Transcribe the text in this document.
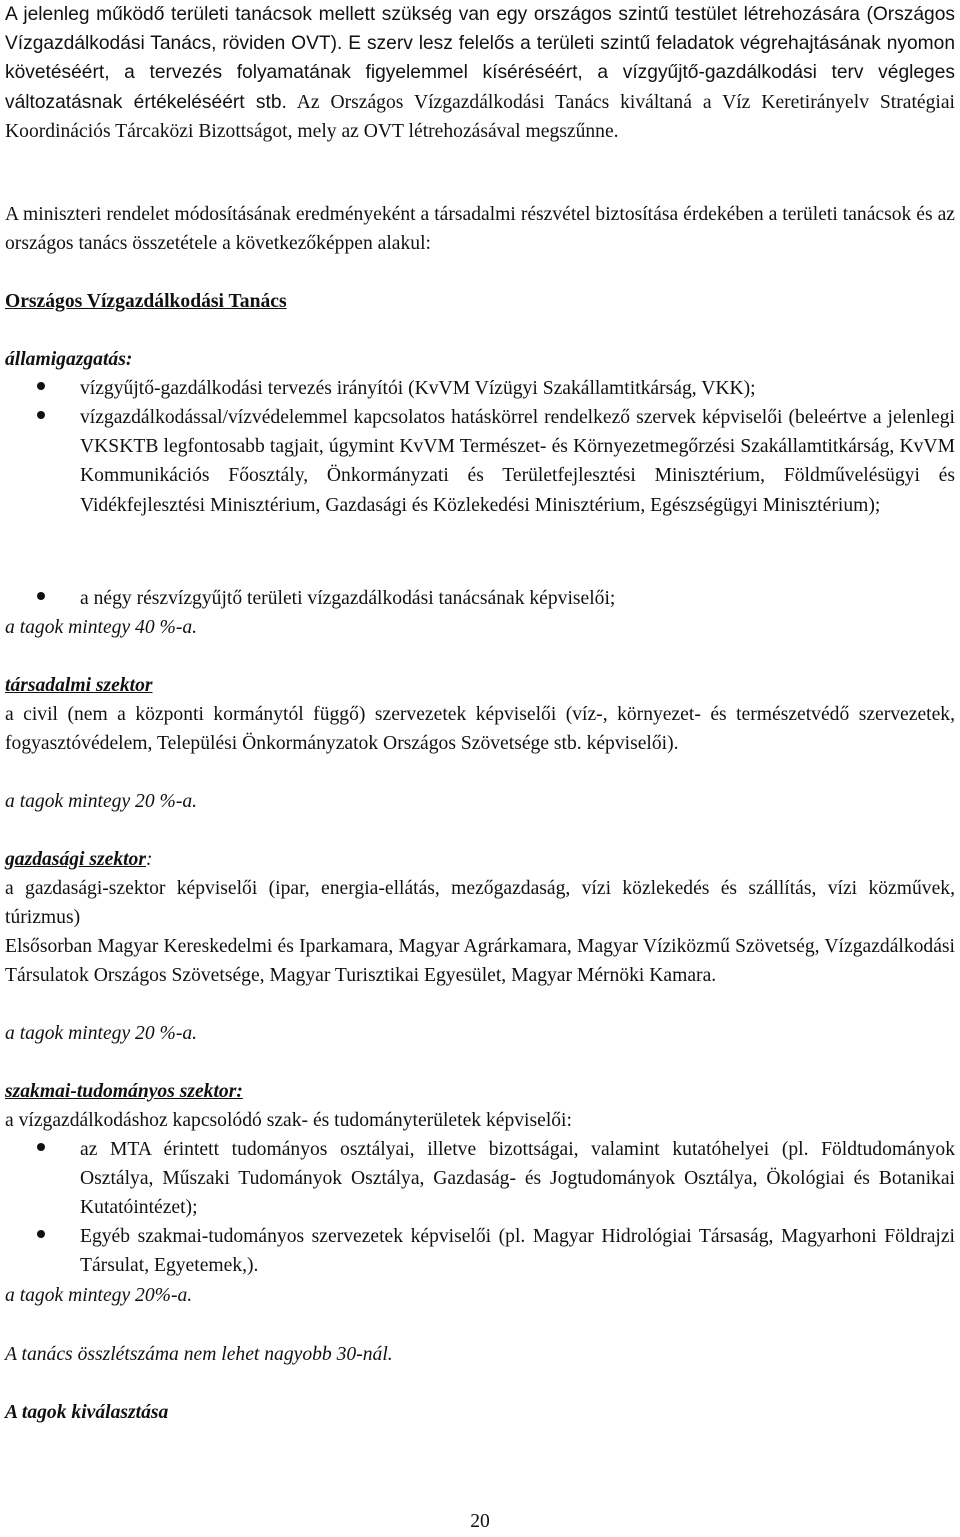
A jelenleg működő területi tanácsok mellett szükség van egy országos szintű testület létrehozására (Országos Vízgazdálkodási Tanács, röviden OVT). E szerv lesz felelős a területi szintű feladatok végrehajtásának nyomon követéséért, a tervezés folyamatának figyelemmel kíséréséért, a vízgyűjtő-gazdálkodási terv végleges változatásnak értékeléséért stb. Az Országos Vízgazdálkodási Tanács kiváltaná a Víz Keretirányelv Stratégiai Koordinációs Tárcaközi Bizottságot, mely az OVT létrehozásával megszűnne.

A miniszteri rendelet módosításának eredményeként a társadalmi részvétel biztosítása érdekében a területi tanácsok és az országos tanács összetétele a következőképpen alakul:

Országos Vízgazdálkodási Tanács

államigazgatás:

vízgyűjtő-gazdálkodási tervezés irányítói (KvVM Vízügyi Szakállamtitkárság, VKK);

vízgazdálkodással/vízvédelemmel kapcsolatos hatáskörrel rendelkező szervek képviselői (beleértve a jelenlegi VKSKTB legfontosabb tagjait, úgymint KvVM Természet- és Környezetmegőrzési Szakállamtitkárság, KvVM Kommunikációs Főosztály, Önkormányzati és Területfejlesztési Minisztérium, Földművelésügyi és Vidékfejlesztési Minisztérium, Gazdasági és Közlekedési Minisztérium, Egészségügyi Minisztérium);

a négy részvízgyűjtő területi vízgazdálkodási tanácsának képviselői;

a tagok mintegy 40 %-a.

társadalmi szektor

a civil (nem a központi kormánytól függő) szervezetek képviselői (víz-, környezet- és természetvédő szervezetek, fogyasztóvédelem, Települési Önkormányzatok Országos Szövetsége stb. képviselői).

a tagok mintegy 20 %-a.

gazdasági szektor:

a gazdasági-szektor képviselői (ipar, energia-ellátás, mezőgazdaság, vízi közlekedés és szállítás, vízi közművek, túrizmus)

Elsősorban Magyar Kereskedelmi és Iparkamara, Magyar Agrárkamara, Magyar Víziközmű Szövetség, Vízgazdálkodási Társulatok Országos Szövetsége, Magyar Turisztikai Egyesület, Magyar Mérnöki Kamara.

a tagok mintegy 20 %-a.

szakmai-tudományos szektor:

a vízgazdálkodáshoz kapcsolódó szak- és tudományterületek képviselői:

az MTA érintett tudományos osztályai, illetve bizottságai, valamint kutatóhelyei (pl. Földtudományok Osztálya, Műszaki Tudományok Osztálya, Gazdaság- és Jogtudományok Osztálya, Ökológiai és Botanikai Kutatóintézet);

Egyéb szakmai-tudományos szervezetek képviselői (pl. Magyar Hidrológiai Társaság, Magyarhoni Földrajzi Társulat, Egyetemek,).

a tagok mintegy 20%-a.

A tanács összlétszáma nem lehet nagyobb 30-nál.

A tagok kiválasztása

20
